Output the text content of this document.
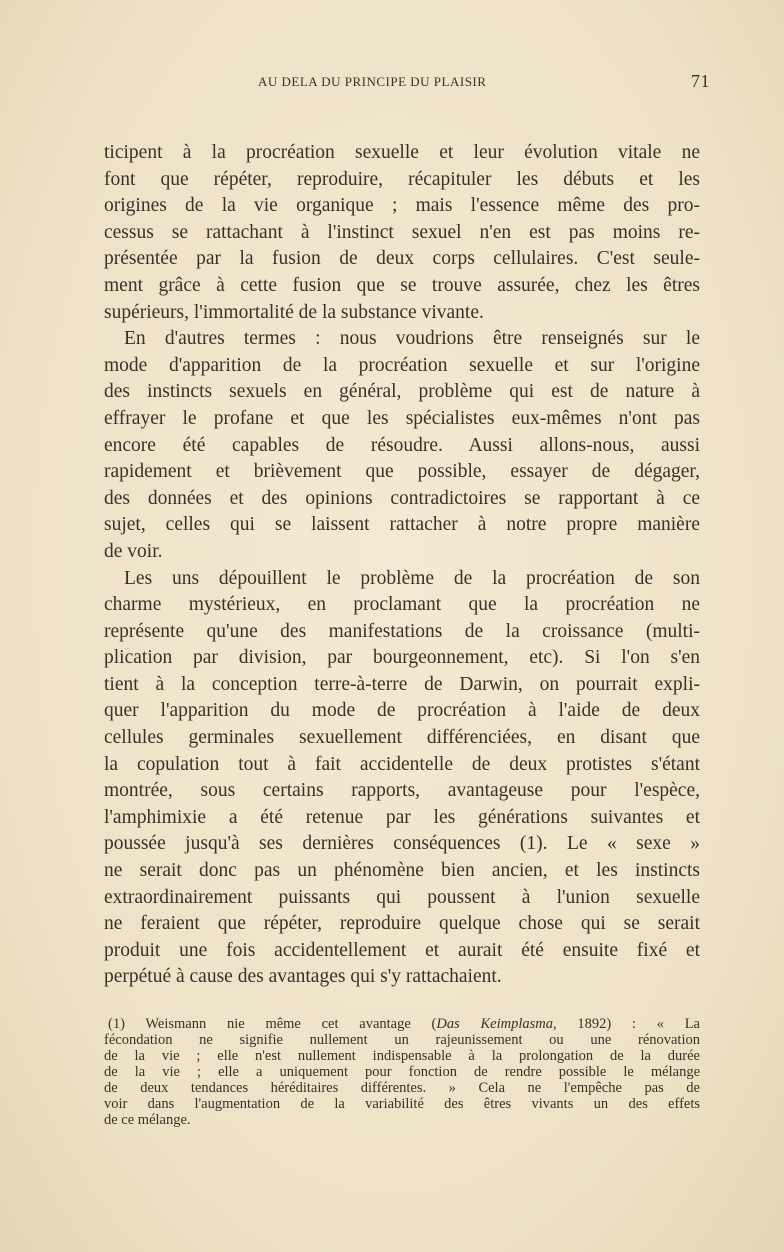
AU DELA DU PRINCIPE DU PLAISIR	71
ticipent à la procréation sexuelle et leur évolution vitale ne
font que répéter, reproduire, récapituler les débuts et les
origines de la vie organique ; mais l'essence même des pro-
cessus se rattachant à l'instinct sexuel n'en est pas moins re-
présentée par la fusion de deux corps cellulaires. C'est seule-
ment grâce à cette fusion que se trouve assurée, chez les êtres
supérieurs, l'immortalité de la substance vivante.
En d'autres termes : nous voudrions être renseignés sur le
mode d'apparition de la procréation sexuelle et sur l'origine
des instincts sexuels en général, problème qui est de nature à
effrayer le profane et que les spécialistes eux-mêmes n'ont pas
encore été capables de résoudre. Aussi allons-nous, aussi
rapidement et brièvement que possible, essayer de dégager,
des données et des opinions contradictoires se rapportant à ce
sujet, celles qui se laissent rattacher à notre propre manière
de voir.
Les uns dépouillent le problème de la procréation de son
charme mystérieux, en proclamant que la procréation ne
représente qu'une des manifestations de la croissance (multi-
plication par division, par bourgeonnement, etc). Si l'on s'en
tient à la conception terre-à-terre de Darwin, on pourrait expli-
quer l'apparition du mode de procréation à l'aide de deux
cellules germinales sexuellement différenciées, en disant que
la copulation tout à fait accidentelle de deux protistes s'étant
montrée, sous certains rapports, avantageuse pour l'espèce,
l'amphimixie a été retenue par les générations suivantes et
poussée jusqu'à ses dernières conséquences (1). Le « sexe »
ne serait donc pas un phénomène bien ancien, et les instincts
extraordinairement puissants qui poussent à l'union sexuelle
ne feraient que répéter, reproduire quelque chose qui se serait
produit une fois accidentellement et aurait été ensuite fixé et
perpétué à cause des avantages qui s'y rattachaient.
(1) Weismann nie même cet avantage (Das Keimplasma, 1892) : « La
fécondation ne signifie nullement un rajeunissement ou une rénovation
de la vie ; elle n'est nullement indispensable à la prolongation de la durée
de la vie ; elle a uniquement pour fonction de rendre possible le mélange
de deux tendances héréditaires différentes. » Cela ne l'empêche pas de
voir dans l'augmentation de la variabilité des êtres vivants un des effets
de ce mélange.
